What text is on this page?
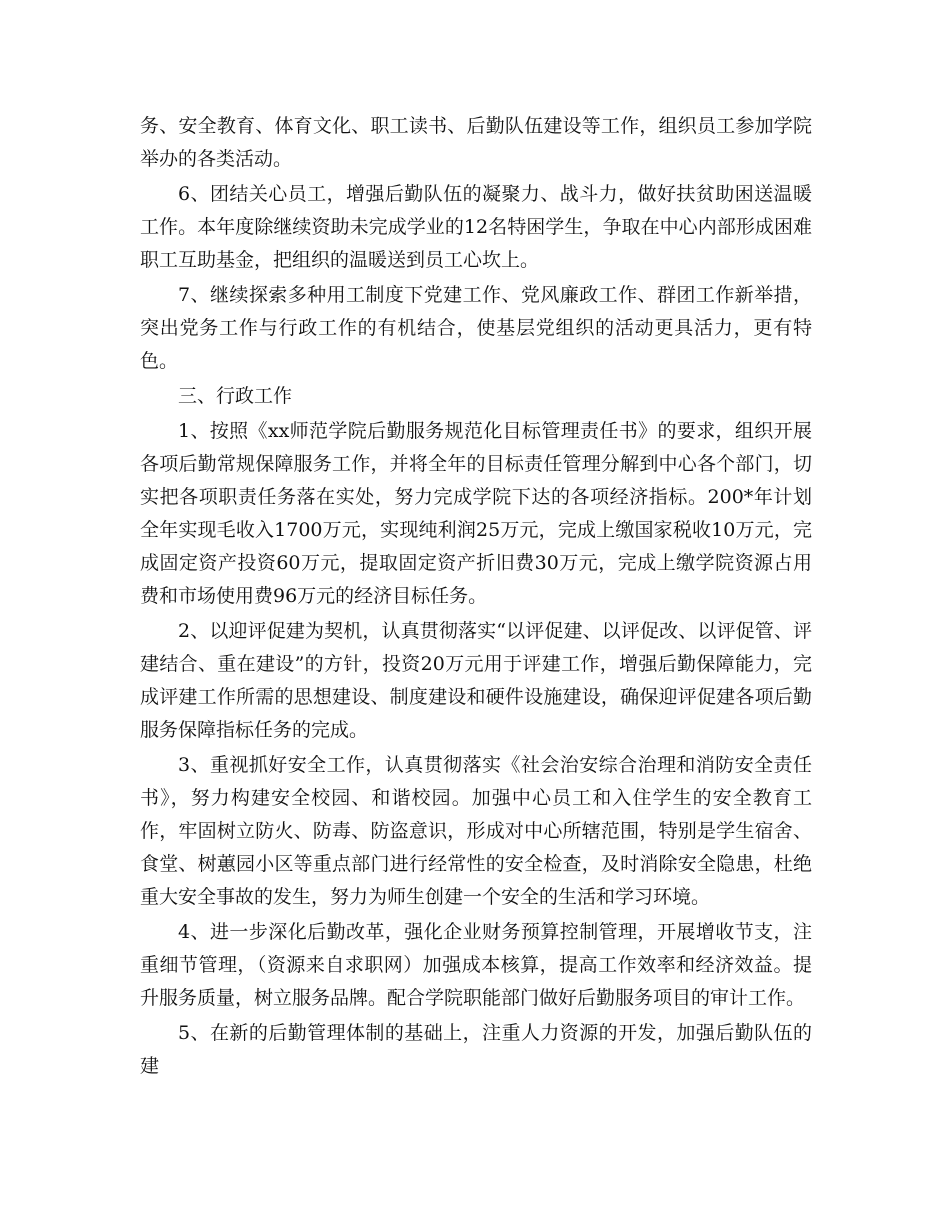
务、安全教育、体育文化、职工读书、后勤队伍建设等工作，组织员工参加学院举办的各类活动。

6、团结关心员工，增强后勤队伍的凝聚力、战斗力，做好扶贫助困送温暖工作。本年度除继续资助未完成学业的12名特困学生，争取在中心内部形成困难职工互助基金，把组织的温暖送到员工心坎上。

7、继续探索多种用工制度下党建工作、党风廉政工作、群团工作新举措，突出党务工作与行政工作的有机结合，使基层党组织的活动更具活力，更有特色。

三、行政工作

1、按照《xx师范学院后勤服务规范化目标管理责任书》的要求，组织开展各项后勤常规保障服务工作，并将全年的目标责任管理分解到中心各个部门，切实把各项职责任务落在实处，努力完成学院下达的各项经济指标。200*年计划全年实现毛收入1700万元，实现纯利润25万元，完成上缴国家税收10万元，完成固定资产投资60万元，提取固定资产折旧费30万元，完成上缴学院资源占用费和市场使用费96万元的经济目标任务。

2、以迎评促建为契机，认真贯彻落实“以评促建、以评促改、以评促管、评建结合、重在建设”的方针，投资20万元用于评建工作，增强后勤保障能力，完成评建工作所需的思想建设、制度建设和硬件设施建设，确保迎评促建各项后勤服务保障指标任务的完成。

3、重视抓好安全工作，认真贯彻落实《社会治安综合治理和消防安全责任书》，努力构建安全校园、和谐校园。加强中心员工和入住学生的安全教育工作，牢固树立防火、防毒、防盗意识，形成对中心所辖范围，特别是学生宿舍、食堂、树蕙园小区等重点部门进行经常性的安全检查，及时消除安全隐患，杜绝重大安全事故的发生，努力为师生创建一个安全的生活和学习环境。

4、进一步深化后勤改革，强化企业财务预算控制管理，开展增收节支，注重细节管理，（资源来自求职网）加强成本核算，提高工作效率和经济效益。提升服务质量，树立服务品牌。配合学院职能部门做好后勤服务项目的审计工作。

5、在新的后勤管理体制的基础上，注重人力资源的开发，加强后勤队伍的建
